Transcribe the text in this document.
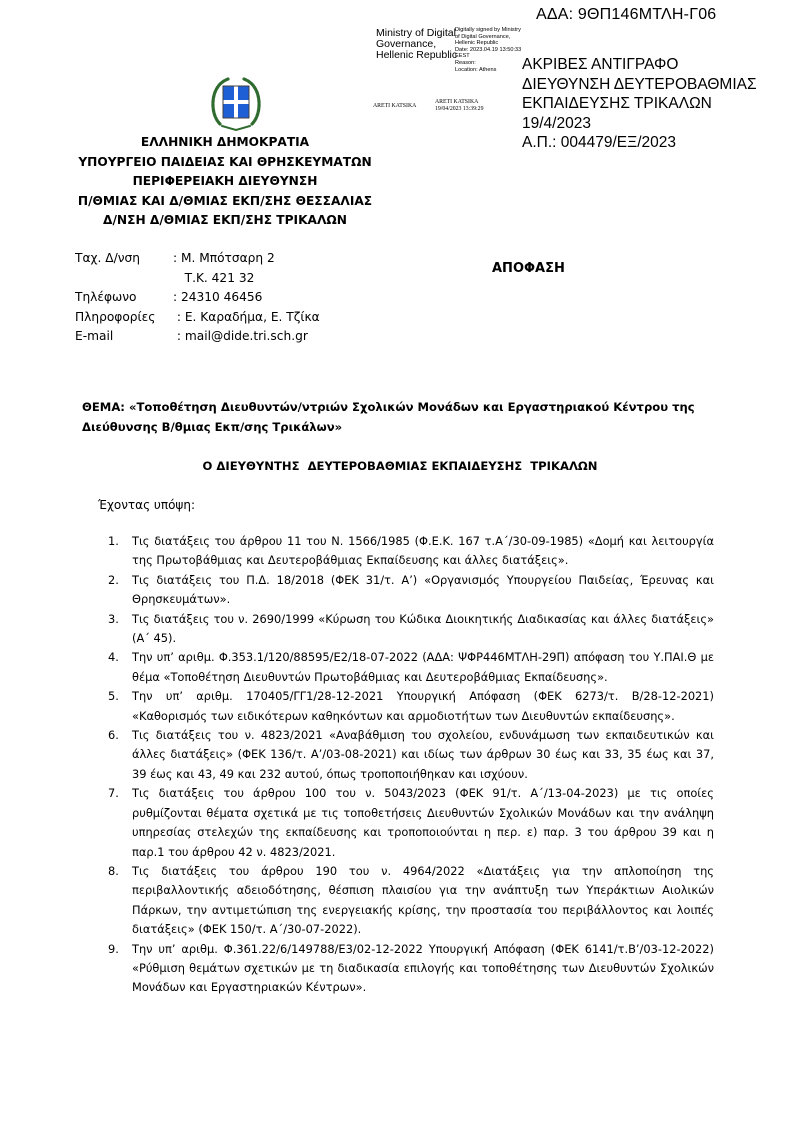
ΑΔΑ: 9ΘΠ146ΜΤΛΗ-Γ06
Ministry of Digital
Governance,
Hellenic Republic
Digitally signed by Ministry
of Digital Governance,
Hellenic Republic
Date: 2023.04.19 13:50:33
EEST
Reason:
Location: Athens
ARETI KATSIKA
ARETI KATSIKA
19/04/2023 13:39:29
ΑΚΡΙΒΕΣ ΑΝΤΙΓΡΑΦΟ
ΔΙΕΥΘΥΝΣΗ ΔΕΥΤΕΡΟΒΑΘΜΙΑΣ
ΕΚΠΑΙΔΕΥΣΗΣ ΤΡΙΚΑΛΩΝ
19/4/2023
Α.Π.: 004479/ΕΞ/2023
ΕΛΛΗΝΙΚΗ ΔΗΜΟΚΡΑΤΙΑ
ΥΠΟΥΡΓΕΙΟ ΠΑΙΔΕΙΑΣ ΚΑΙ ΘΡΗΣΚΕΥΜΑΤΩΝ
ΠΕΡΙΦΕΡΕΙΑΚΗ ΔΙΕΥΘΥΝΣΗ
Π/ΘΜΙΑΣ ΚΑΙ Δ/ΘΜΙΑΣ ΕΚΠ/ΣΗΣ ΘΕΣΣΑΛΙΑΣ
Δ/ΝΣΗ Δ/ΘΜΙΑΣ ΕΚΠ/ΣΗΣ ΤΡΙΚΑΛΩΝ
Ταχ. Δ/νση	: Μ. Μπότσαρη 2
Τ.Κ. 421 32
Τηλέφωνο	: 24310 46456
Πληροφορίες	: Ε. Καραδήμα, Ε. Τζίκα
E-mail	: mail@dide.tri.sch.gr
ΑΠΟΦΑΣΗ
ΘΕΜΑ: «Τοποθέτηση Διευθυντών/ντριών Σχολικών Μονάδων και Εργαστηριακού Κέντρου της Διεύθυνσης Β/θμιας Εκπ/σης Τρικάλων»
Ο ΔΙΕΥΘΥΝΤΗΣ  ΔΕΥΤΕΡΟΒΑΘΜΙΑΣ ΕΚΠΑΙΔΕΥΣΗΣ  ΤΡΙΚΑΛΩΝ
Έχοντας υπόψη:
1. Τις διατάξεις του άρθρου 11 του Ν. 1566/1985 (Φ.Ε.Κ. 167 τ.Α΄/30-09-1985) «Δομή και λειτουργία της Πρωτοβάθμιας και Δευτεροβάθμιας Εκπαίδευσης και άλλες διατάξεις».
2. Τις διατάξεις του Π.Δ. 18/2018 (ΦΕΚ 31/τ. Α’) «Οργανισμός Υπουργείου Παιδείας, Έρευνας και Θρησκευμάτων».
3. Τις διατάξεις του ν. 2690/1999 «Κύρωση του Κώδικα Διοικητικής Διαδικασίας και άλλες διατάξεις» (Α΄ 45).
4. Την υπ’ αριθμ. Φ.353.1/120/88595/Ε2/18-07-2022 (ΑΔΑ: ΨΦΡ446ΜΤΛΗ-29Π) απόφαση του Υ.ΠΑΙ.Θ με θέμα «Τοποθέτηση Διευθυντών Πρωτοβάθμιας και Δευτεροβάθμιας Εκπαίδευσης».
5. Την υπ’ αριθμ. 170405/ΓΓ1/28-12-2021 Υπουργική Απόφαση (ΦΕΚ 6273/τ. Β/28-12-2021) «Καθορισμός των ειδικότερων καθηκόντων και αρμοδιοτήτων των Διευθυντών εκπαίδευσης».
6. Τις διατάξεις του ν. 4823/2021 «Αναβάθμιση του σχολείου, ενδυνάμωση των εκπαιδευτικών και άλλες διατάξεις» (ΦΕΚ 136/τ. Α’/03-08-2021) και ιδίως των άρθρων 30 έως και 33, 35 έως και 37, 39 έως και 43, 49 και 232 αυτού, όπως τροποποιήθηκαν και ισχύουν.
7. Τις διατάξεις του άρθρου 100 του ν. 5043/2023 (ΦΕΚ 91/τ. Α΄/13-04-2023) με τις οποίες ρυθμίζονται θέματα σχετικά με τις τοποθετήσεις Διευθυντών Σχολικών Μονάδων και την ανάληψη υπηρεσίας στελεχών της εκπαίδευσης και τροποποιούνται η περ. ε) παρ. 3 του άρθρου 39 και η παρ.1 του άρθρου 42 ν. 4823/2021.
8. Τις διατάξεις του άρθρου 190 του ν. 4964/2022 «Διατάξεις για την απλοποίηση της περιβαλλοντικής αδειοδότησης, θέσπιση πλαισίου για την ανάπτυξη των Υπεράκτιων Αιολικών Πάρκων, την αντιμετώπιση της ενεργειακής κρίσης, την προστασία του περιβάλλοντος και λοιπές διατάξεις» (ΦΕΚ 150/τ. Α΄/30-07-2022).
9. Την υπ’ αριθμ. Φ.361.22/6/149788/Ε3/02-12-2022 Υπουργική Απόφαση (ΦΕΚ 6141/τ.Β’/03-12-2022) «Ρύθμιση θεμάτων σχετικών με τη διαδικασία επιλογής και τοποθέτησης των Διευθυντών Σχολικών Μονάδων και Εργαστηριακών Κέντρων».
